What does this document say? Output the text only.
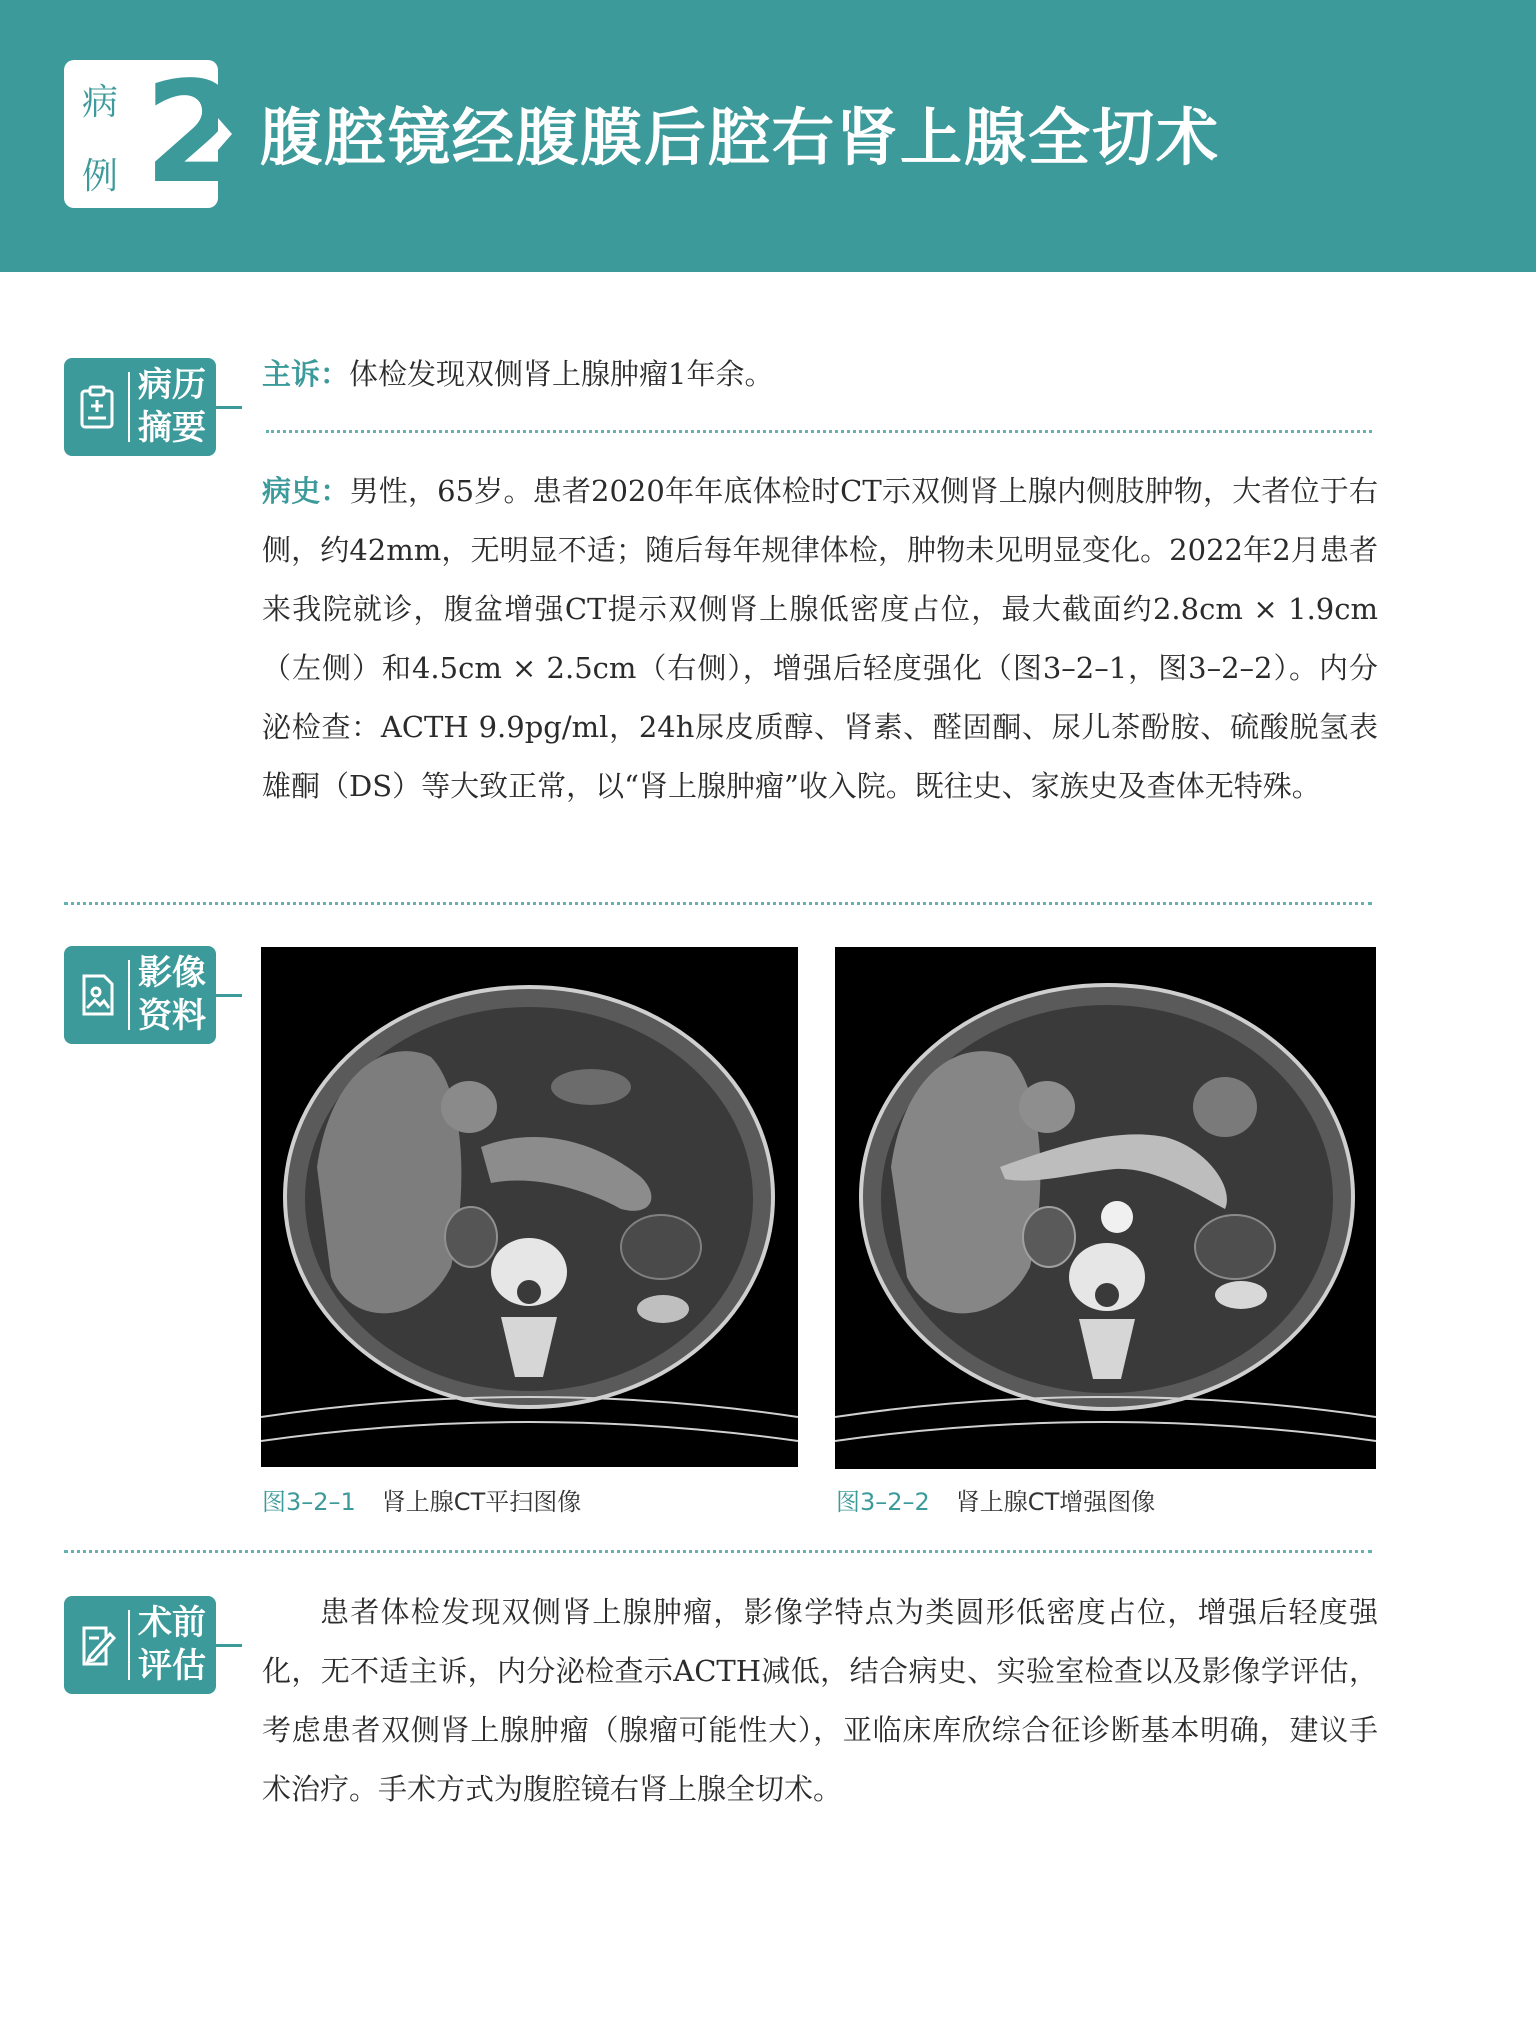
病
例 2 腹腔镜经腹膜后腔右肾上腺全切术
病历
摘要
主诉：体检发现双侧肾上腺肿瘤1年余。
病史：男性，65岁。患者2020年年底体检时CT示双侧肾上腺内侧肢肿物，大者位于右侧，约42mm，无明显不适；随后每年规律体检，肿物未见明显变化。2022年2月患者来我院就诊，腹盆增强CT提示双侧肾上腺低密度占位，最大截面约2.8cm × 1.9cm（左侧）和4.5cm × 2.5cm（右侧），增强后轻度强化（图3–2–1，图3–2–2）。内分泌检查：ACTH 9.9pg/ml，24h尿皮质醇、肾素、醛固酮、尿儿茶酚胺、硫酸脱氢表雄酮（DS）等大致正常，以“肾上腺肿瘤”收入院。既往史、家族史及查体无特殊。
影像
资料
图3–2–1 肾上腺CT平扫图像	图3–2–2 肾上腺CT增强图像
术前
评估
患者体检发现双侧肾上腺肿瘤，影像学特点为类圆形低密度占位，增强后轻度强化，无不适主诉，内分泌检查示ACTH减低，结合病史、实验室检查以及影像学评估，考虑患者双侧肾上腺肿瘤（腺瘤可能性大），亚临床库欣综合征诊断基本明确，建议手术治疗。手术方式为腹腔镜右肾上腺全切术。
